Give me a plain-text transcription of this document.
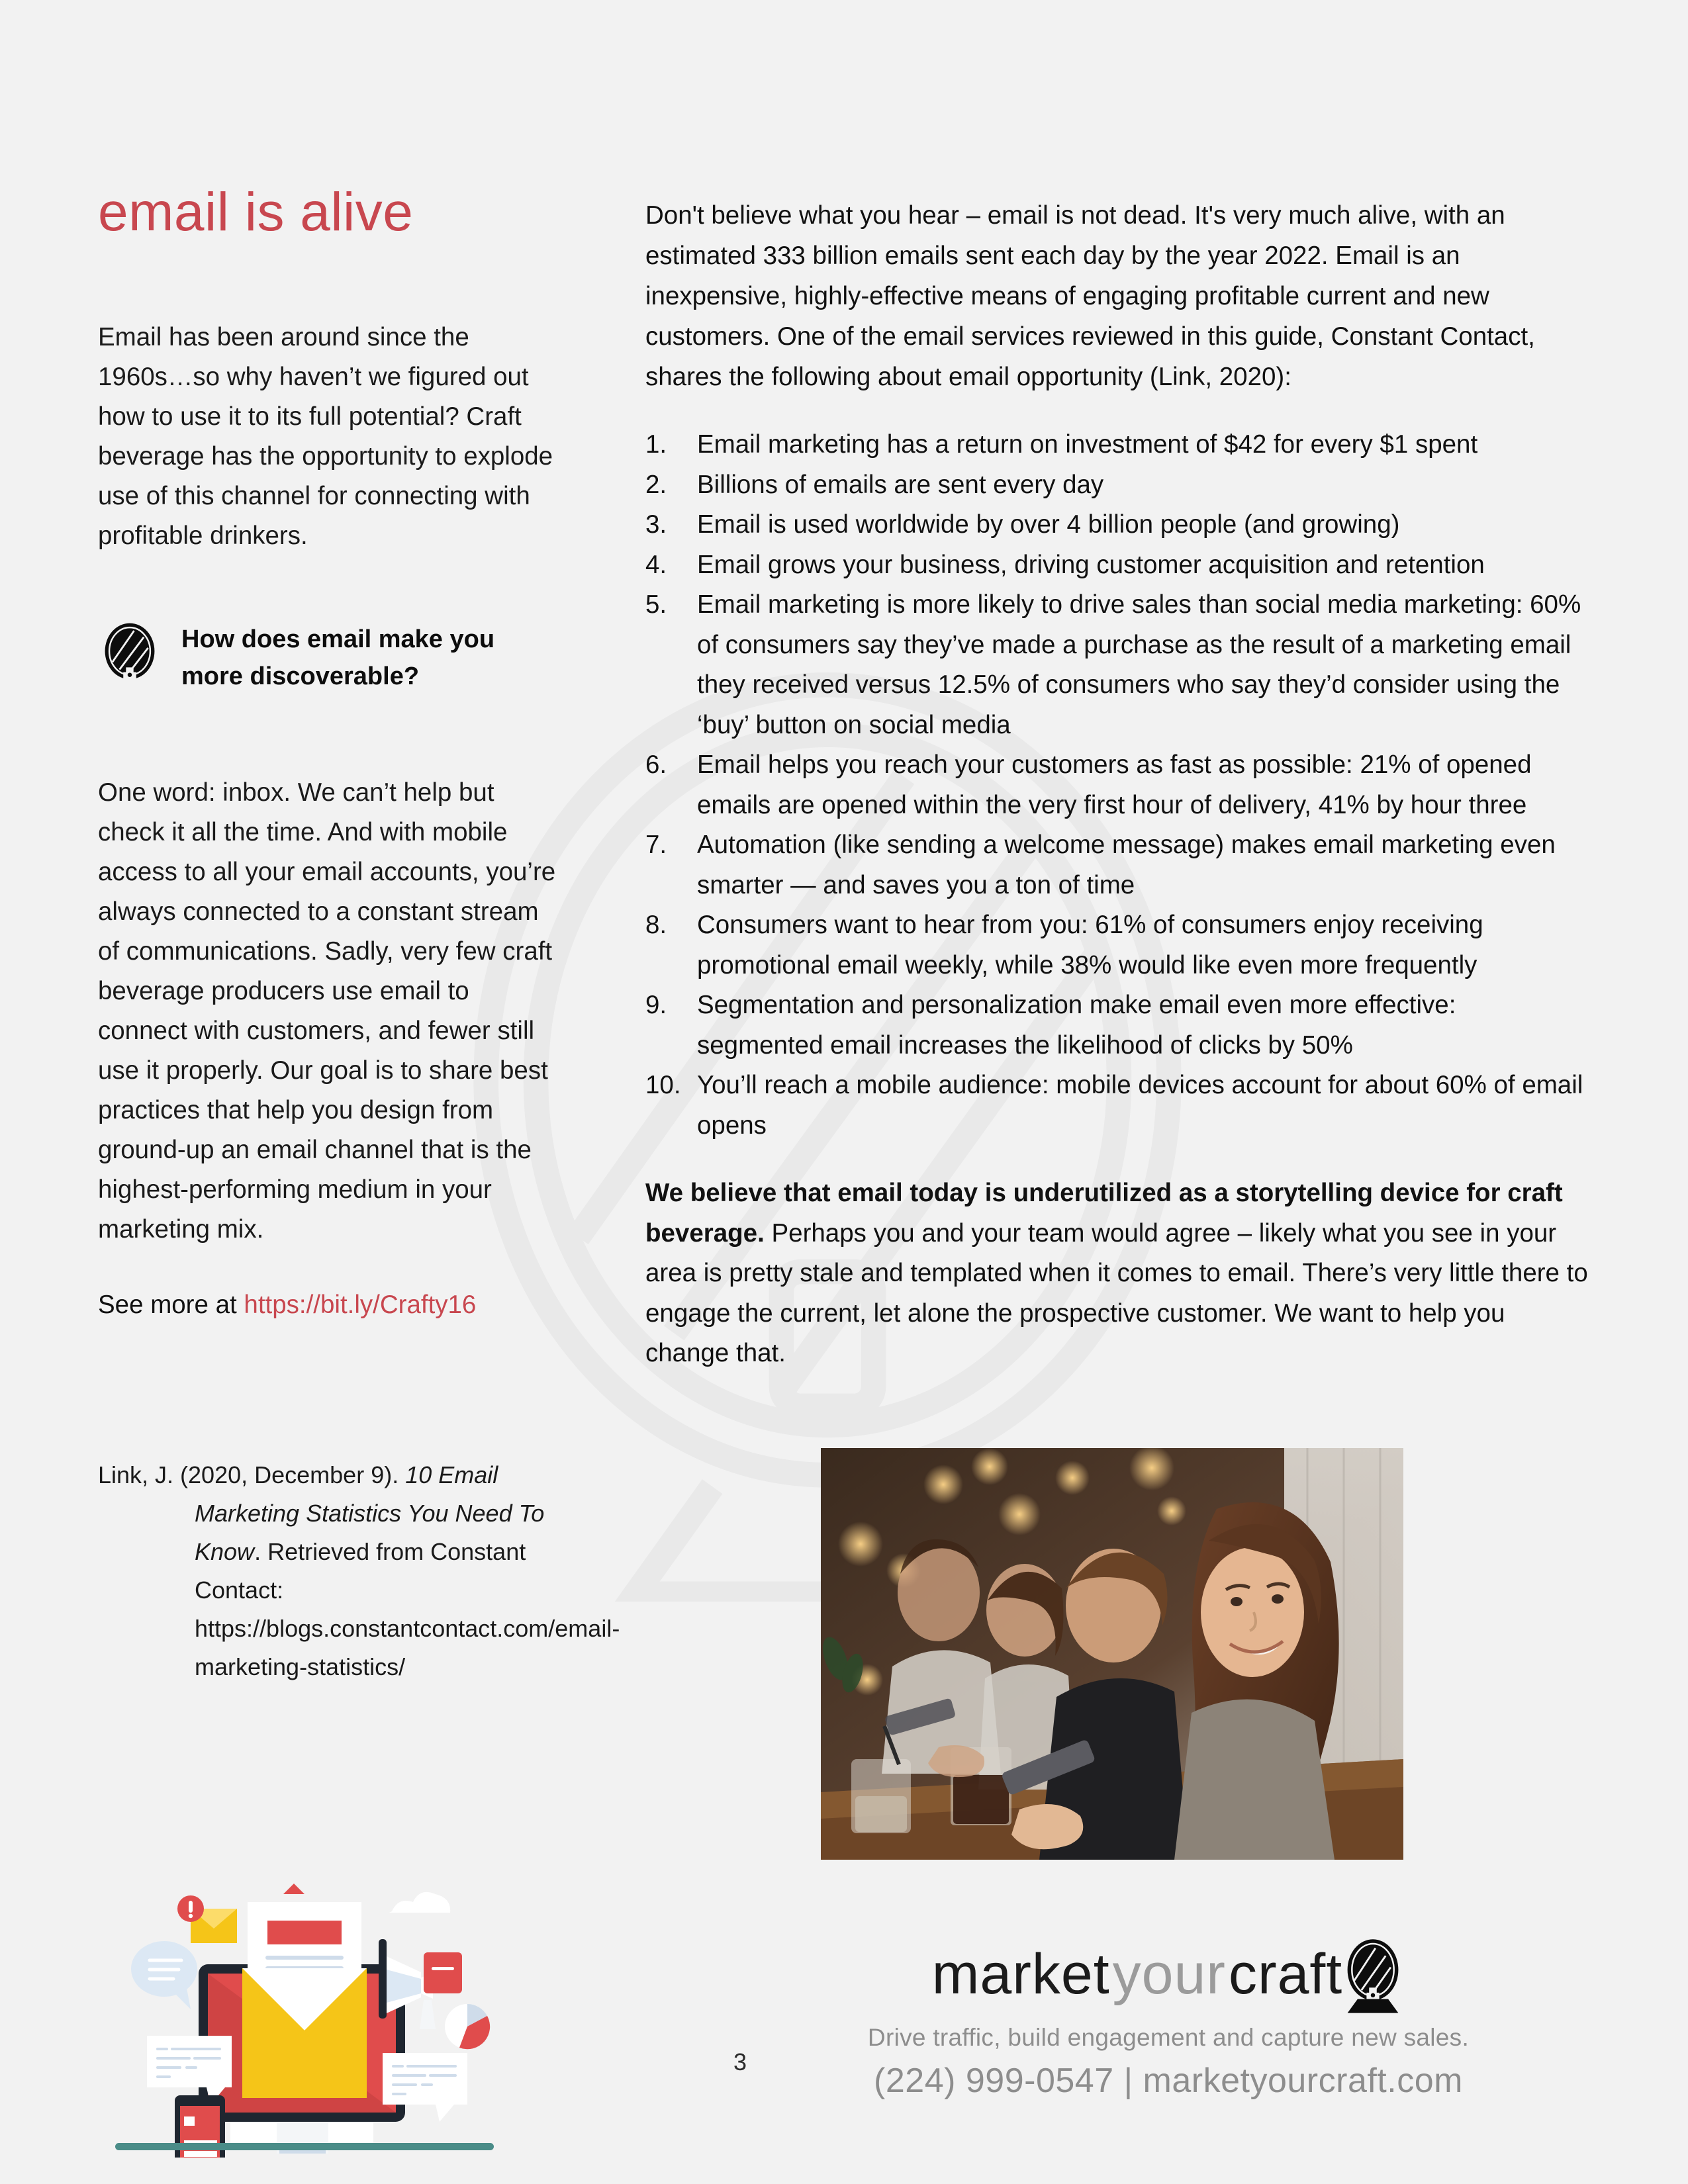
email is alive

Email has been around since the 1960s…so why haven’t we figured out how to use it to its full potential? Craft beverage has the opportunity to explode use of this channel for connecting with profitable drinkers.

How does email make you more discoverable?

One word: inbox. We can’t help but check it all the time. And with mobile access to all your email accounts, you’re always connected to a constant stream of communications. Sadly, very few craft beverage producers use email to connect with customers, and fewer still use it properly. Our goal is to share best practices that help you design from ground-up an email channel that is the highest-performing medium in your marketing mix.

See more at https://bit.ly/Crafty16

Link, J. (2020, December 9). 10 Email Marketing Statistics You Need To Know. Retrieved from Constant Contact: https://blogs.constantcontact.com/email-marketing-statistics/

Don't believe what you hear – email is not dead. It's very much alive, with an estimated 333 billion emails sent each day by the year 2022. Email is an inexpensive, highly-effective means of engaging profitable current and new customers. One of the email services reviewed in this guide, Constant Contact, shares the following about email opportunity (Link, 2020):

Email marketing has a return on investment of $42 for every $1 spent
Billions of emails are sent every day
Email is used worldwide by over 4 billion people (and growing)
Email grows your business, driving customer acquisition and retention
Email marketing is more likely to drive sales than social media marketing: 60% of consumers say they’ve made a purchase as the result of a marketing email they received versus 12.5% of consumers who say they’d consider using the ‘buy’ button on social media
Email helps you reach your customers as fast as possible: 21% of opened emails are opened within the very first hour of delivery, 41% by hour three
Automation (like sending a welcome message) makes email marketing even smarter — and saves you a ton of time
Consumers want to hear from you: 61% of consumers enjoy receiving promotional email weekly, while 38% would like even more frequently
Segmentation and personalization make email even more effective: segmented email increases the likelihood of clicks by 50%
You’ll reach a mobile audience: mobile devices account for about 60% of email opens

We believe that email today is underutilized as a storytelling device for craft beverage. Perhaps you and your team would agree – likely what you see in your area is pretty stale and templated when it comes to email. There’s very little there to engage the current, let alone the prospective customer. We want to help you change that.

3
market your craft
Drive traffic, build engagement and capture new sales.
(224) 999-0547 | marketyourcraft.com
